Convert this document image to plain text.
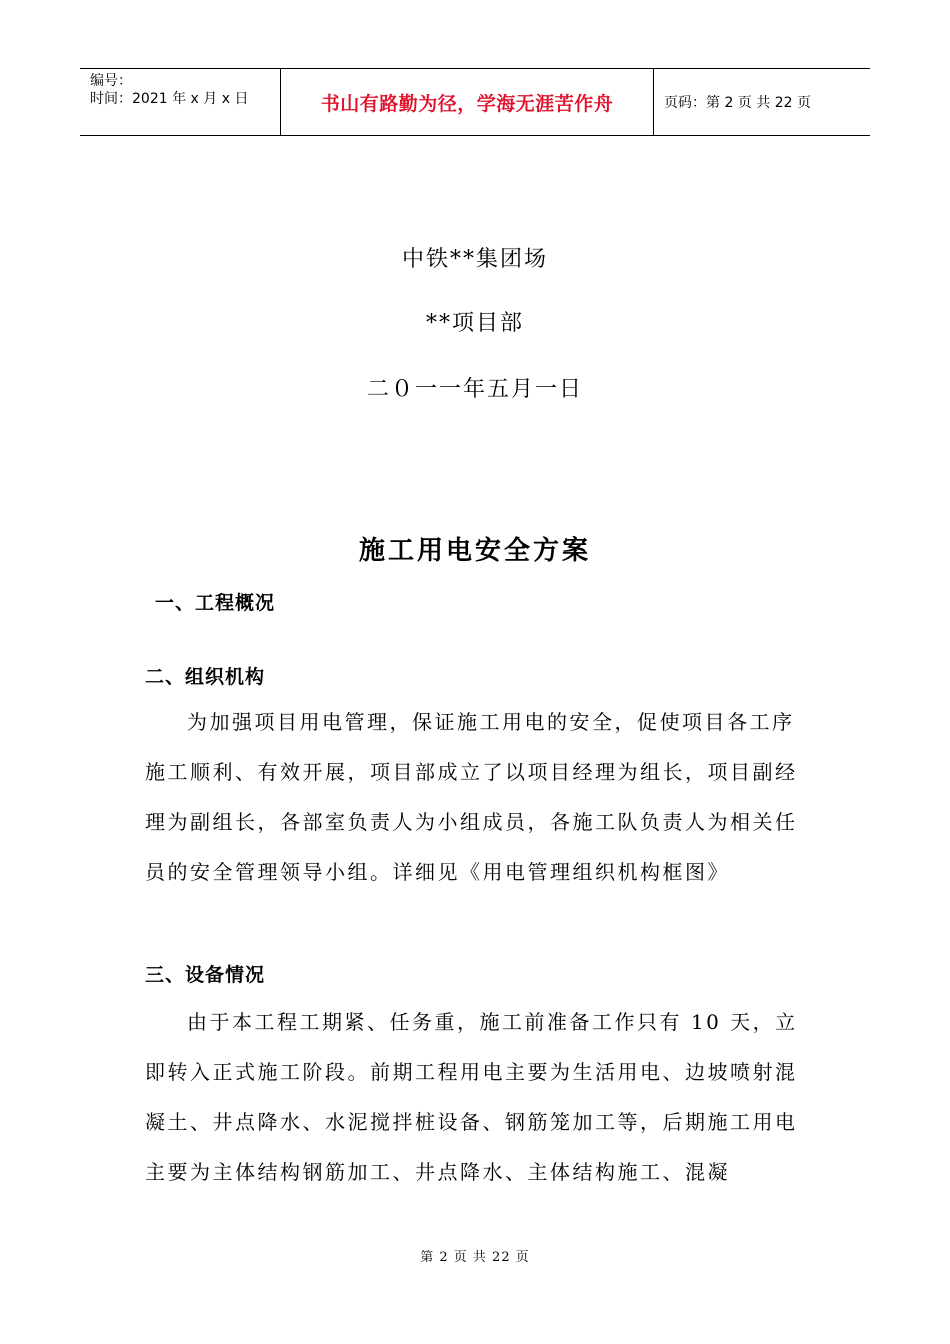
编号：
时间：2021 年 x 月 x 日	书山有路勤为径，学海无涯苦作舟	页码：第 2 页 共 22 页
中铁**集团场
**项目部
二０一一年五月一日
施工用电安全方案
一、工程概况
二、组织机构

为加强项目用电管理，保证施工用电的安全，促使项目各工序施工顺利、有效开展，项目部成立了以项目经理为组长，项目副经理为副组长，各部室负责人为小组成员，各施工队负责人为相关任员的安全管理领导小组。详细见《用电管理组织机构框图》

三、设备情况

由于本工程工期紧、任务重，施工前准备工作只有 10 天，立即转入正式施工阶段。前期工程用电主要为生活用电、边坡喷射混凝土、井点降水、水泥搅拌桩设备、钢筋笼加工等，后期施工用电主要为主体结构钢筋加工、井点降水、主体结构施工、混凝

第 2 页 共 22 页
